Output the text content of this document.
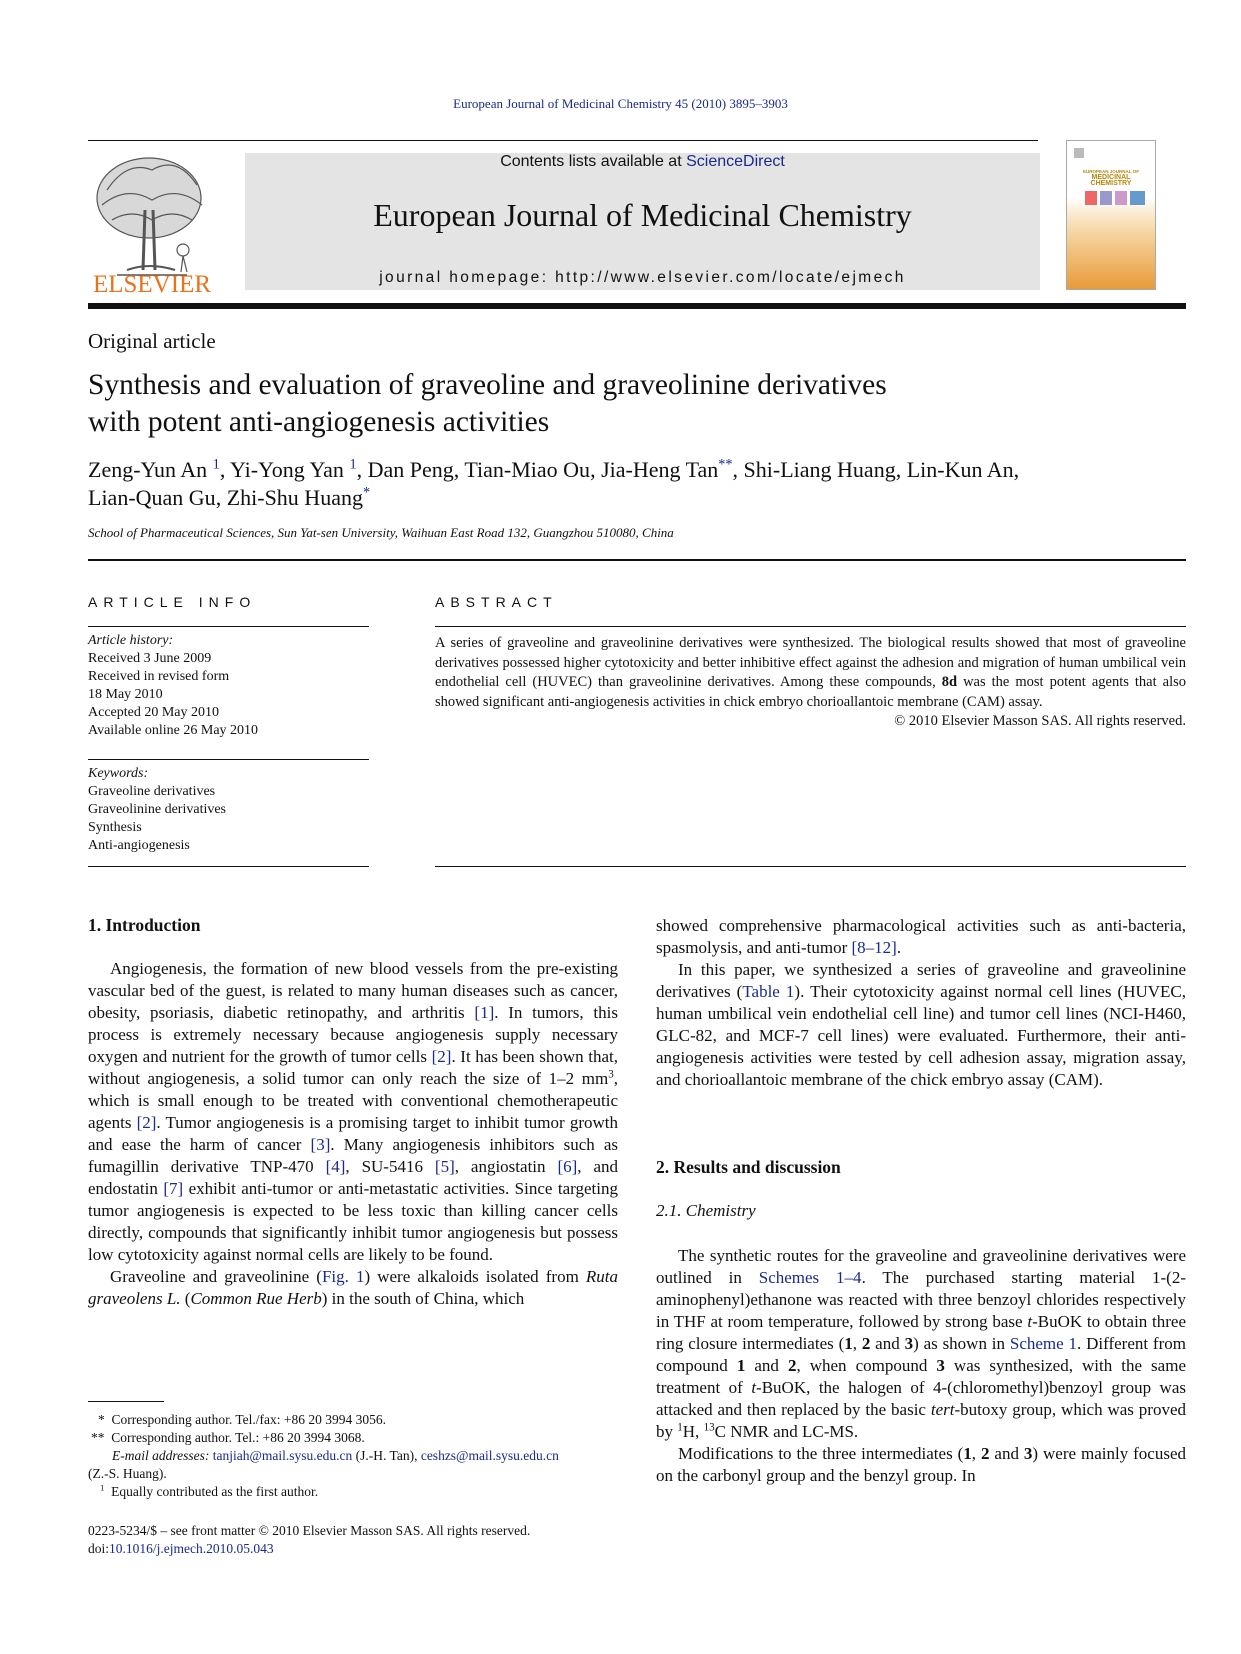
European Journal of Medicinal Chemistry 45 (2010) 3895–3903
ELSEVIER
Contents lists available at ScienceDirect
European Journal of Medicinal Chemistry
journal homepage: http://www.elsevier.com/locate/ejmech
EUROPEAN JOURNAL OF
MEDICINAL
CHEMISTRY
Original article
Synthesis and evaluation of graveoline and graveolinine derivatives
with potent anti-angiogenesis activities
Zeng-Yun An $^1$, Yi-Yong Yan $^1$, Dan Peng, Tian-Miao Ou, Jia-Heng Tan**, Shi-Liang Huang, Lin-Kun An,
Lian-Quan Gu, Zhi-Shu Huang*
School of Pharmaceutical Sciences, Sun Yat-sen University, Waihuan East Road 132, Guangzhou 510080, China
ARTICLE INFO
Article history:
Received 3 June 2009
Received in revised form
18 May 2010
Accepted 20 May 2010
Available online 26 May 2010
Keywords:
Graveoline derivatives
Graveolinine derivatives
Synthesis
Anti-angiogenesis
ABSTRACT
A series of graveoline and graveolinine derivatives were synthesized. The biological results showed that most of graveoline derivatives possessed higher cytotoxicity and better inhibitive effect against the adhesion and migration of human umbilical vein endothelial cell (HUVEC) than graveolinine derivatives. Among these compounds, 8d was the most potent agents that also showed significant anti-angiogenesis activities in chick embryo chorioallantoic membrane (CAM) assay.
© 2010 Elsevier Masson SAS. All rights reserved.
1. Introduction

Angiogenesis, the formation of new blood vessels from the pre-existing vascular bed of the guest, is related to many human diseases such as cancer, obesity, psoriasis, diabetic retinopathy, and arthritis [1]. In tumors, this process is extremely necessary because angiogenesis supply necessary oxygen and nutrient for the growth of tumor cells [2]. It has been shown that, without angiogenesis, a solid tumor can only reach the size of 1–2 $mm^3$, which is small enough to be treated with conventional chemotherapeutic agents [2]. Tumor angiogenesis is a promising target to inhibit tumor growth and ease the harm of cancer [3]. Many angiogenesis inhibitors such as fumagillin derivative TNP-470 [4], SU-5416 [5], angiostatin [6], and endostatin [7] exhibit anti-tumor or anti-metastatic activities. Since targeting tumor angiogenesis is expected to be less toxic than killing cancer cells directly, compounds that significantly inhibit tumor angiogenesis but possess low cytotoxicity against normal cells are likely to be found.

Graveoline and graveolinine (Fig. 1) were alkaloids isolated from Ruta graveolens L. (Common Rue Herb) in the south of China, which

* Corresponding author. Tel./fax: +86 20 3994 3056.
** Corresponding author. Tel.: +86 20 3994 3068.
E-mail addresses: tanjiah@mail.sysu.edu.cn (J.-H. Tan), ceshzs@mail.sysu.edu.cn
(Z.-S. Huang).
$^1$ Equally contributed as the first author.
0223-5234/$ – see front matter © 2010 Elsevier Masson SAS. All rights reserved.
doi:10.1016/j.ejmech.2010.05.043

showed comprehensive pharmacological activities such as anti-bacteria, spasmolysis, and anti-tumor [8–12].

In this paper, we synthesized a series of graveoline and graveolinine derivatives (Table 1). Their cytotoxicity against normal cell lines (HUVEC, human umbilical vein endothelial cell line) and tumor cell lines (NCI-H460, GLC-82, and MCF-7 cell lines) were evaluated. Furthermore, their anti-angiogenesis activities were tested by cell adhesion assay, migration assay, and chorioallantoic membrane of the chick embryo assay (CAM).

2. Results and discussion
2.1. Chemistry

The synthetic routes for the graveoline and graveolinine derivatives were outlined in Schemes 1–4. The purchased starting material 1-(2-aminophenyl)ethanone was reacted with three benzoyl chlorides respectively in THF at room temperature, followed by strong base t-BuOK to obtain three ring closure intermediates (1, 2 and 3) as shown in Scheme 1. Different from compound 1 and 2, when compound 3 was synthesized, with the same treatment of t-BuOK, the halogen of 4-(chloromethyl)benzoyl group was attacked and then replaced by the basic tert-butoxy group, which was proved by $^1$H, $^{13}$C NMR and LC-MS.

Modifications to the three intermediates (1, 2 and 3) were mainly focused on the carbonyl group and the benzyl group. In
